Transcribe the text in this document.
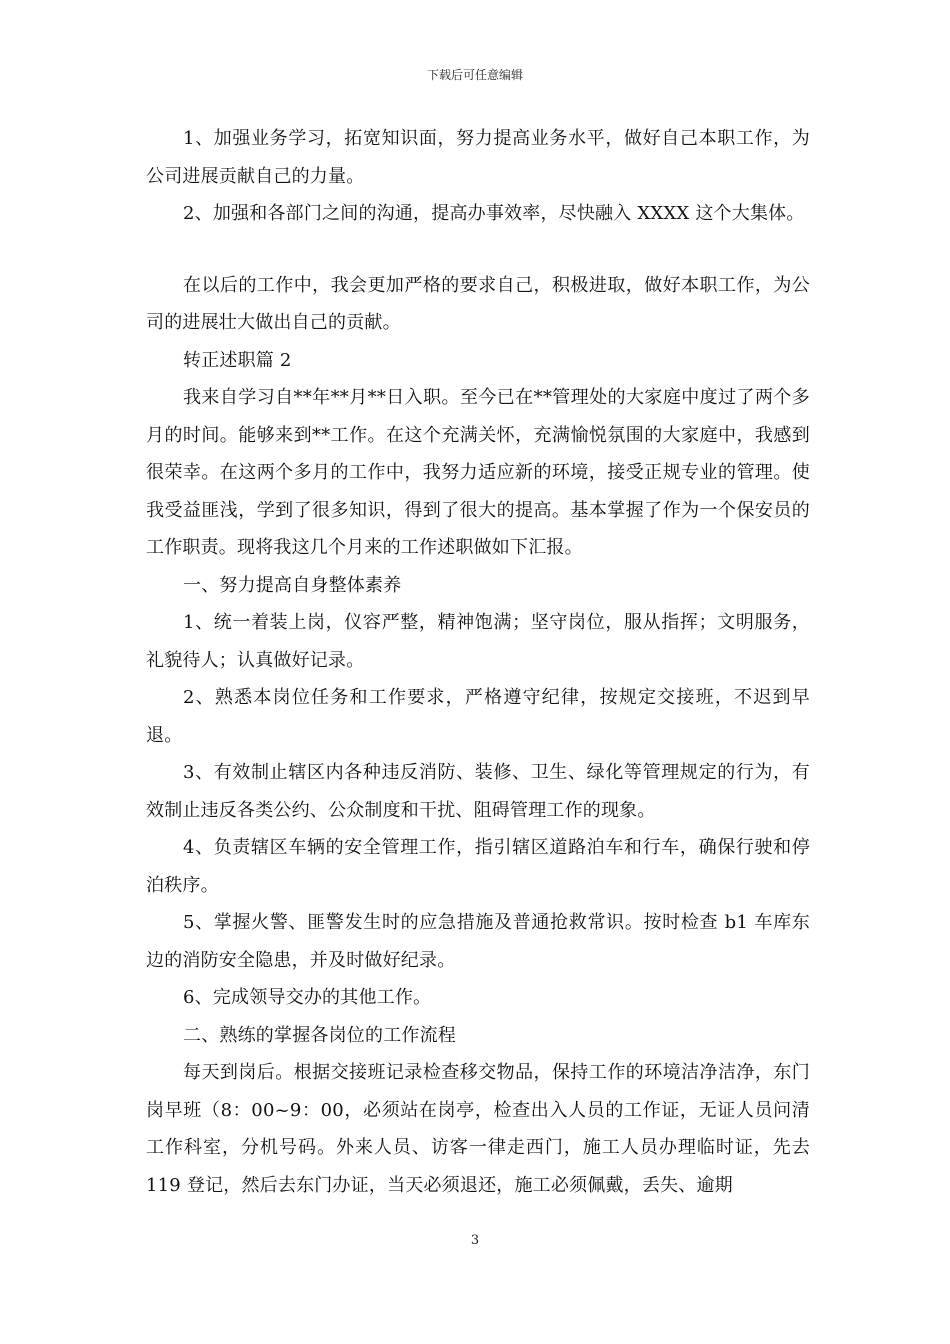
下载后可任意编辑

1、加强业务学习，拓宽知识面，努力提高业务水平，做好自己本职工作，为公司进展贡献自己的力量。

2、加强和各部门之间的沟通，提高办事效率，尽快融入 XXXX 这个大集体。

在以后的工作中，我会更加严格的要求自己，积极进取，做好本职工作，为公司的进展壮大做出自己的贡献。

转正述职篇 2

我来自学习自**年**月**日入职。至今已在**管理处的大家庭中度过了两个多月的时间。能够来到**工作。在这个充满关怀，充满愉悦氛围的大家庭中，我感到很荣幸。在这两个多月的工作中，我努力适应新的环境，接受正规专业的管理。使我受益匪浅，学到了很多知识，得到了很大的提高。基本掌握了作为一个保安员的工作职责。现将我这几个月来的工作述职做如下汇报。

一、努力提高自身整体素养

1、统一着装上岗，仪容严整，精神饱满；坚守岗位，服从指挥；文明服务，礼貌待人；认真做好记录。

2、熟悉本岗位任务和工作要求，严格遵守纪律，按规定交接班，不迟到早退。

3、有效制止辖区内各种违反消防、装修、卫生、绿化等管理规定的行为，有效制止违反各类公约、公众制度和干扰、阻碍管理工作的现象。

4、负责辖区车辆的安全管理工作，指引辖区道路泊车和行车，确保行驶和停泊秩序。

5、掌握火警、匪警发生时的应急措施及普通抢救常识。按时检查 b1 车库东边的消防安全隐患，并及时做好纪录。

6、完成领导交办的其他工作。

二、熟练的掌握各岗位的工作流程

每天到岗后。根据交接班记录检查移交物品，保持工作的环境洁净洁净，东门岗早班（8：00~9：00，必须站在岗亭，检查出入人员的工作证，无证人员问清工作科室，分机号码。外来人员、访客一律走西门，施工人员办理临时证，先去 119 登记，然后去东门办证，当天必须退还，施工必须佩戴，丢失、逾期

3
